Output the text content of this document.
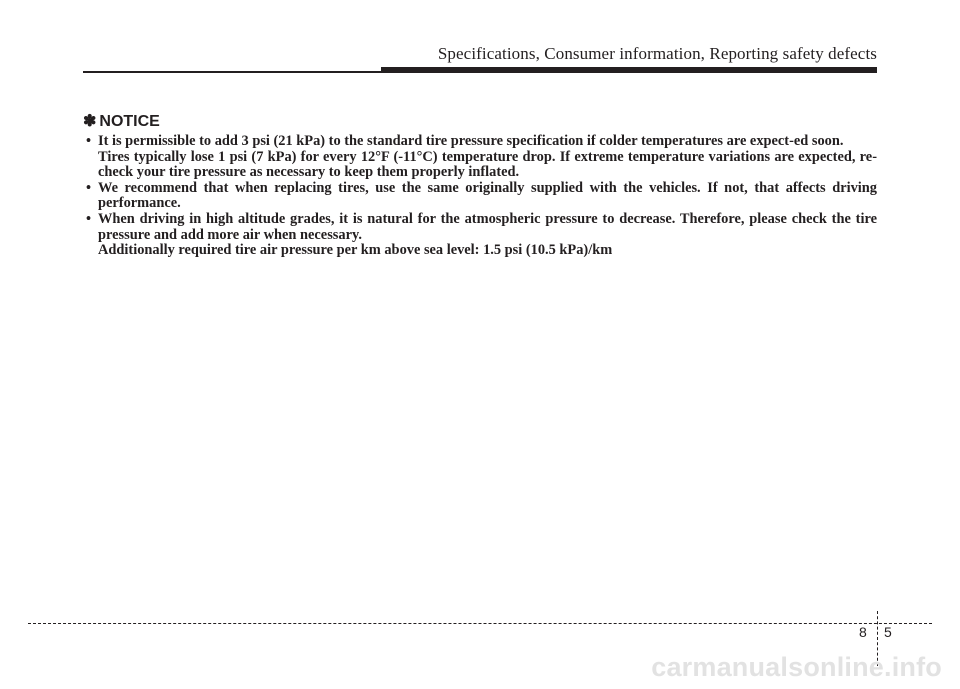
Specifications, Consumer information, Reporting safety defects
✽ NOTICE
• It is permissible to add 3 psi (21 kPa) to the standard tire pressure specification if colder temperatures are expect-ed soon.

Tires typically lose 1 psi (7 kPa) for every 12°F (-11°C) temperature drop. If extreme temperature variations are expected, re-check your tire pressure as necessary to keep them properly inflated.

• We recommend that when replacing tires, use the same originally supplied with the vehicles. If not, that affects driving performance.

• When driving in high altitude grades, it is natural for the atmospheric pressure to decrease. Therefore, please check the tire pressure and add more air when necessary.

Additionally required tire air pressure per km above sea level: 1.5 psi (10.5 kPa)/km

8 5
carmanualsonline.info
